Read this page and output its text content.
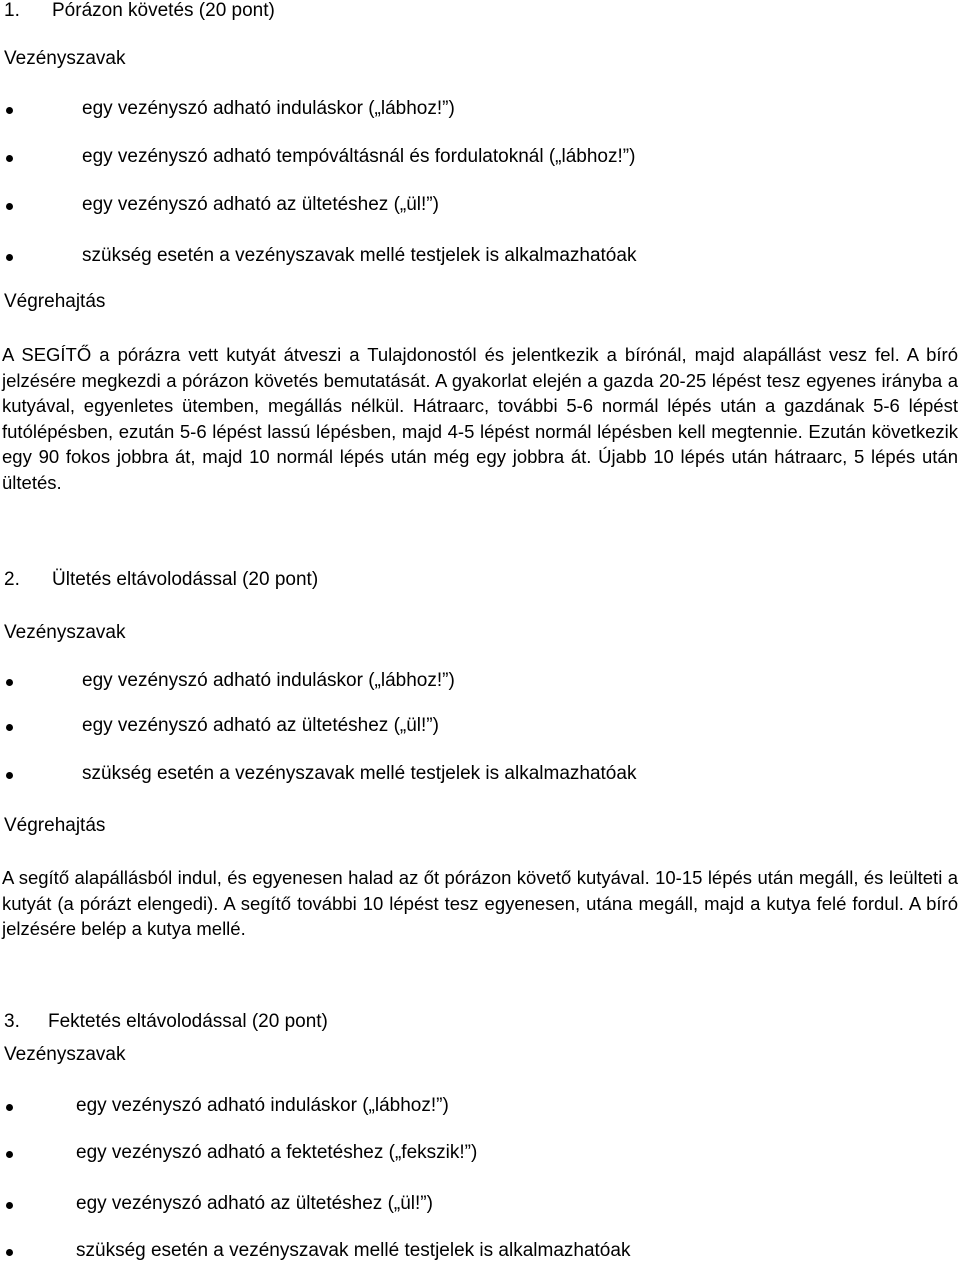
1. Pórázon követés (20 pont)
Vezényszavak
egy vezényszó adható induláskor („lábhoz!”)
egy vezényszó adható tempóváltásnál és fordulatoknál („lábhoz!”)
egy vezényszó adható az ültetéshez („ül!”)
szükség esetén a vezényszavak mellé testjelek is alkalmazhatóak
Végrehajtás
A SEGÍTŐ a pórázra vett kutyát átveszi a Tulajdonostól és jelentkezik a bírónál, majd alapállást vesz fel. A bíró jelzésére megkezdi a pórázon követés bemutatását. A gyakorlat elején a gazda 20-25 lépést tesz egyenes irányba a kutyával, egyenletes ütemben, megállás nélkül. Hátraarc, további 5-6 normál lépés után a gazdának 5-6 lépést futólépésben, ezután 5-6 lépést lassú lépésben, majd 4-5 lépést normál lépésben kell megtennie. Ezután következik egy 90 fokos jobbra át, majd 10 normál lépés után még egy jobbra át. Újabb 10 lépés után hátraarc, 5 lépés után ültetés.
2. Ültetés eltávolodással (20 pont)
Vezényszavak
egy vezényszó adható induláskor („lábhoz!”)
egy vezényszó adható az ültetéshez („ül!”)
szükség esetén a vezényszavak mellé testjelek is alkalmazhatóak
Végrehajtás
A segítő alapállásból indul, és egyenesen halad az őt pórázon követő kutyával. 10-15 lépés után megáll, és leülteti a kutyát (a pórázt elengedi). A segítő további 10 lépést tesz egyenesen, utána megáll, majd a kutya felé fordul. A bíró jelzésére belép a kutya mellé.
3. Fektetés eltávolodással (20 pont)
Vezényszavak
egy vezényszó adható induláskor („lábhoz!”)
egy vezényszó adható a fektetéshez („fekszik!”)
egy vezényszó adható az ültetéshez („ül!”)
szükség esetén a vezényszavak mellé testjelek is alkalmazhatóak
